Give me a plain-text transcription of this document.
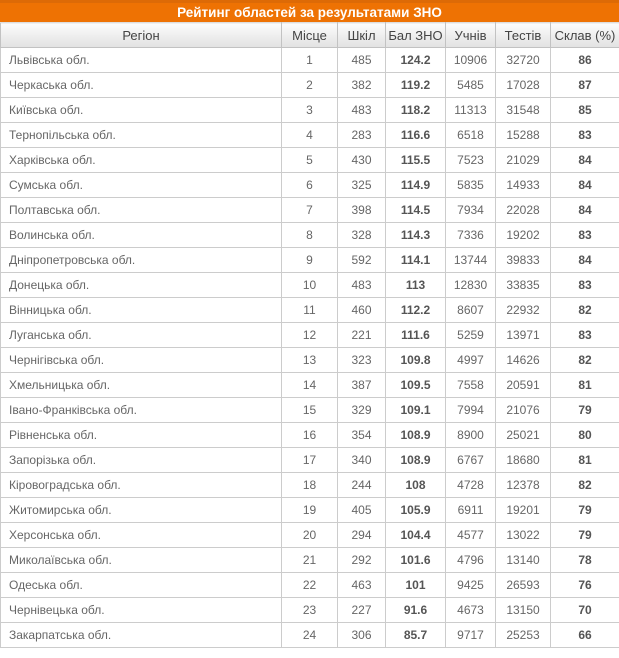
Рейтинг областей за результатами ЗНО
Регіон	Місце	Шкіл	Бал ЗНО	Учнів	Тестів	Склав (%)
Львівська обл.	1	485	124.2	10906	32720	86
Черкаська обл.	2	382	119.2	5485	17028	87
Київська обл.	3	483	118.2	11313	31548	85
Тернопільська обл.	4	283	116.6	6518	15288	83
Харківська обл.	5	430	115.5	7523	21029	84
Сумська обл.	6	325	114.9	5835	14933	84
Полтавська обл.	7	398	114.5	7934	22028	84
Волинська обл.	8	328	114.3	7336	19202	83
Дніпропетровська обл.	9	592	114.1	13744	39833	84
Донецька обл.	10	483	113	12830	33835	83
Вінницька обл.	11	460	112.2	8607	22932	82
Луганська обл.	12	221	111.6	5259	13971	83
Чернігівська обл.	13	323	109.8	4997	14626	82
Хмельницька обл.	14	387	109.5	7558	20591	81
Івано-Франківська обл.	15	329	109.1	7994	21076	79
Рівненська обл.	16	354	108.9	8900	25021	80
Запорізька обл.	17	340	108.9	6767	18680	81
Кіровоградська обл.	18	244	108	4728	12378	82
Житомирська обл.	19	405	105.9	6911	19201	79
Херсонська обл.	20	294	104.4	4577	13022	79
Миколаївська обл.	21	292	101.6	4796	13140	78
Одеська обл.	22	463	101	9425	26593	76
Чернівецька обл.	23	227	91.6	4673	13150	70
Закарпатська обл.	24	306	85.7	9717	25253	66
